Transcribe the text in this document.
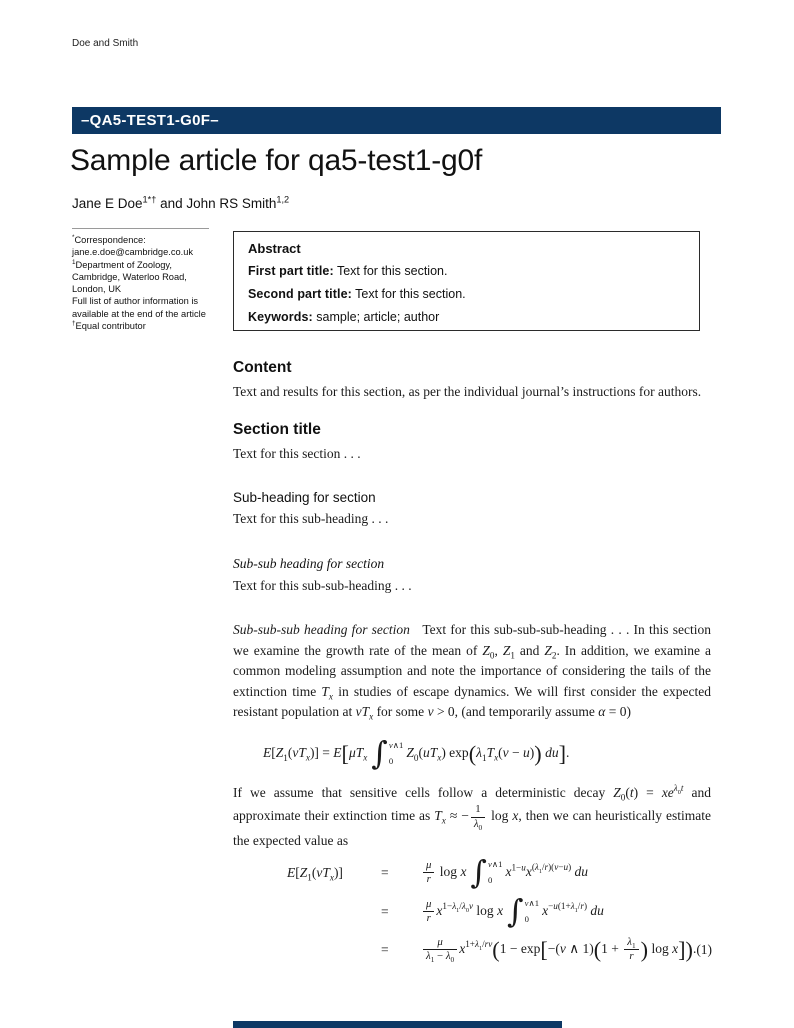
Doe and Smith
–QA5-TEST1-G0F–
Sample article for qa5-test1-g0f
Jane E Doe$^{1*\dagger}$ and John RS Smith$^{1,2}$
*Correspondence:
jane.e.doe@cambridge.co.uk
$^1$Department of Zoology,
Cambridge, Waterloo Road,
London, UK
Full list of author information is
available at the end of the article
†Equal contributor
Abstract
First part title: Text for this section.
Second part title: Text for this section.
Keywords: sample; article; author
Content

Text and results for this section, as per the individual journal’s instructions for authors.

Section title

Text for this section . . .

Sub-heading for section

Text for this sub-heading . . .

Sub-sub heading for section

Text for this sub-sub-heading . . .

Sub-sub-sub heading for section   Text for this sub-sub-sub-heading . . . In this section we examine the growth rate of the mean of $Z_0$, $Z_1$ and $Z_2$. In addition, we examine a common modeling assumption and note the importance of considering the tails of the extinction time $T_x$ in studies of escape dynamics. We will first consider the expected resistant population at $vT_x$ for some v > 0, (and temporarily assume α = 0)

$E[Z_1(vT_x)] = E[\mu T_x$ ∫ v∧1
0
$Z_0(uT_x) \exp(\lambda_1T_x(v - u))$ du].

If we assume that sensitive cells follow a deterministic decay $Z_0(t) = xe^{\lambda_0t}$ and approximate their extinction time as $T_x$ ≈ − $\frac{1}{\lambda_0}$ log x, then we can heuristically estimate the expected value as

$E[Z_1(vT_x)]$	=	$\frac{\mu}{r}$ log x ∫ v∧1
0
$x^{1-u}x^{(\lambda_1/r)(v-u)}$ du
=	$\frac{\mu}{r} x^{1-\lambda_1/\lambda_0v}$ log x ∫ v∧1
0
$x^{-u(1+\lambda_1/r)}$ du
=	$\frac{\mu}{\lambda_1 - \lambda_0} x^{1+\lambda_1/rv}(1 - \exp[-(v$ ∧ $1)(1 + \frac{\lambda_1}{r}$ ) log x]). (1)
